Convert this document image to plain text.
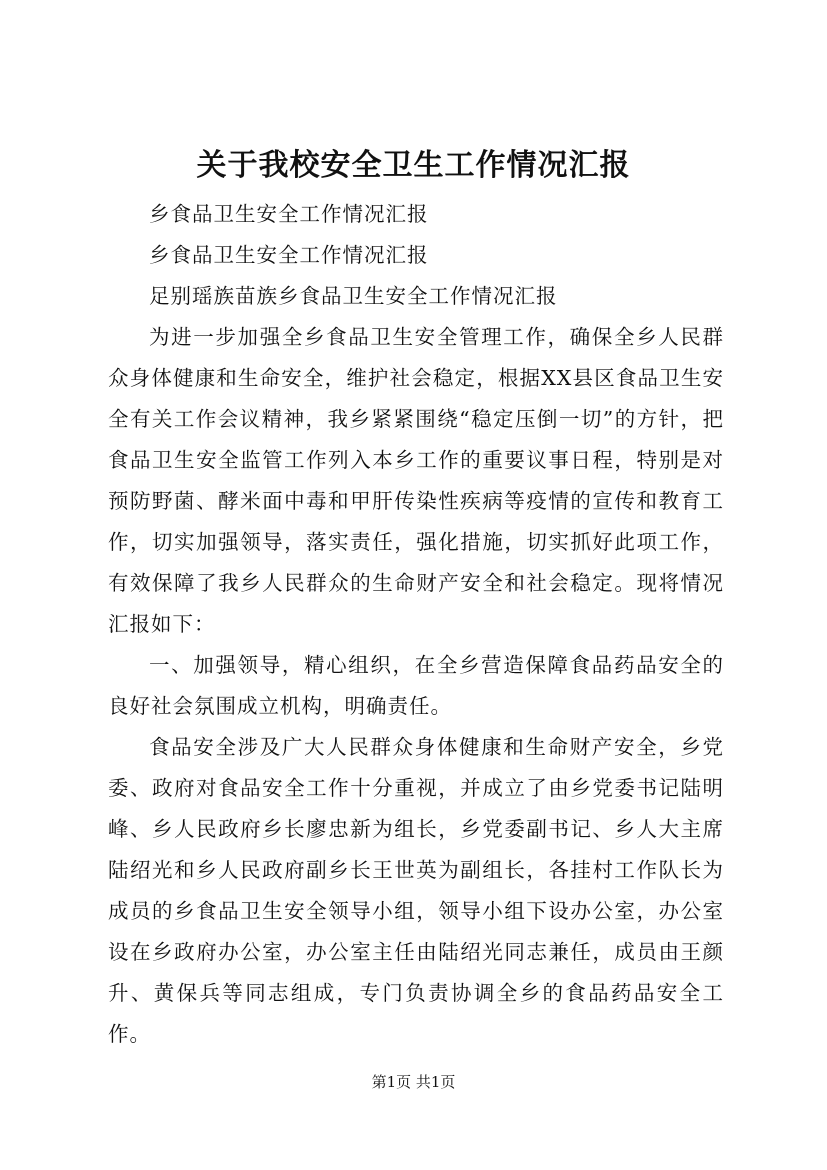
关于我校安全卫生工作情况汇报

乡食品卫生安全工作情况汇报

乡食品卫生安全工作情况汇报

足别瑶族苗族乡食品卫生安全工作情况汇报

为进一步加强全乡食品卫生安全管理工作，确保全乡人民群众身体健康和生命安全，维护社会稳定，根据XX县区食品卫生安全有关工作会议精神，我乡紧紧围绕“稳定压倒一切”的方针，把食品卫生安全监管工作列入本乡工作的重要议事日程，特别是对预防野菌、酵米面中毒和甲肝传染性疾病等疫情的宣传和教育工作，切实加强领导，落实责任，强化措施，切实抓好此项工作，有效保障了我乡人民群众的生命财产安全和社会稳定。现将情况汇报如下：

一、加强领导，精心组织，在全乡营造保障食品药品安全的良好社会氛围成立机构，明确责任。

食品安全涉及广大人民群众身体健康和生命财产安全，乡党委、政府对食品安全工作十分重视，并成立了由乡党委书记陆明峰、乡人民政府乡长廖忠新为组长，乡党委副书记、乡人大主席陆绍光和乡人民政府副乡长王世英为副组长，各挂村工作队长为成员的乡食品卫生安全领导小组，领导小组下设办公室，办公室设在乡政府办公室，办公室主任由陆绍光同志兼任，成员由王颜升、黄保兵等同志组成，专门负责协调全乡的食品药品安全工作。

第1页 共1页
